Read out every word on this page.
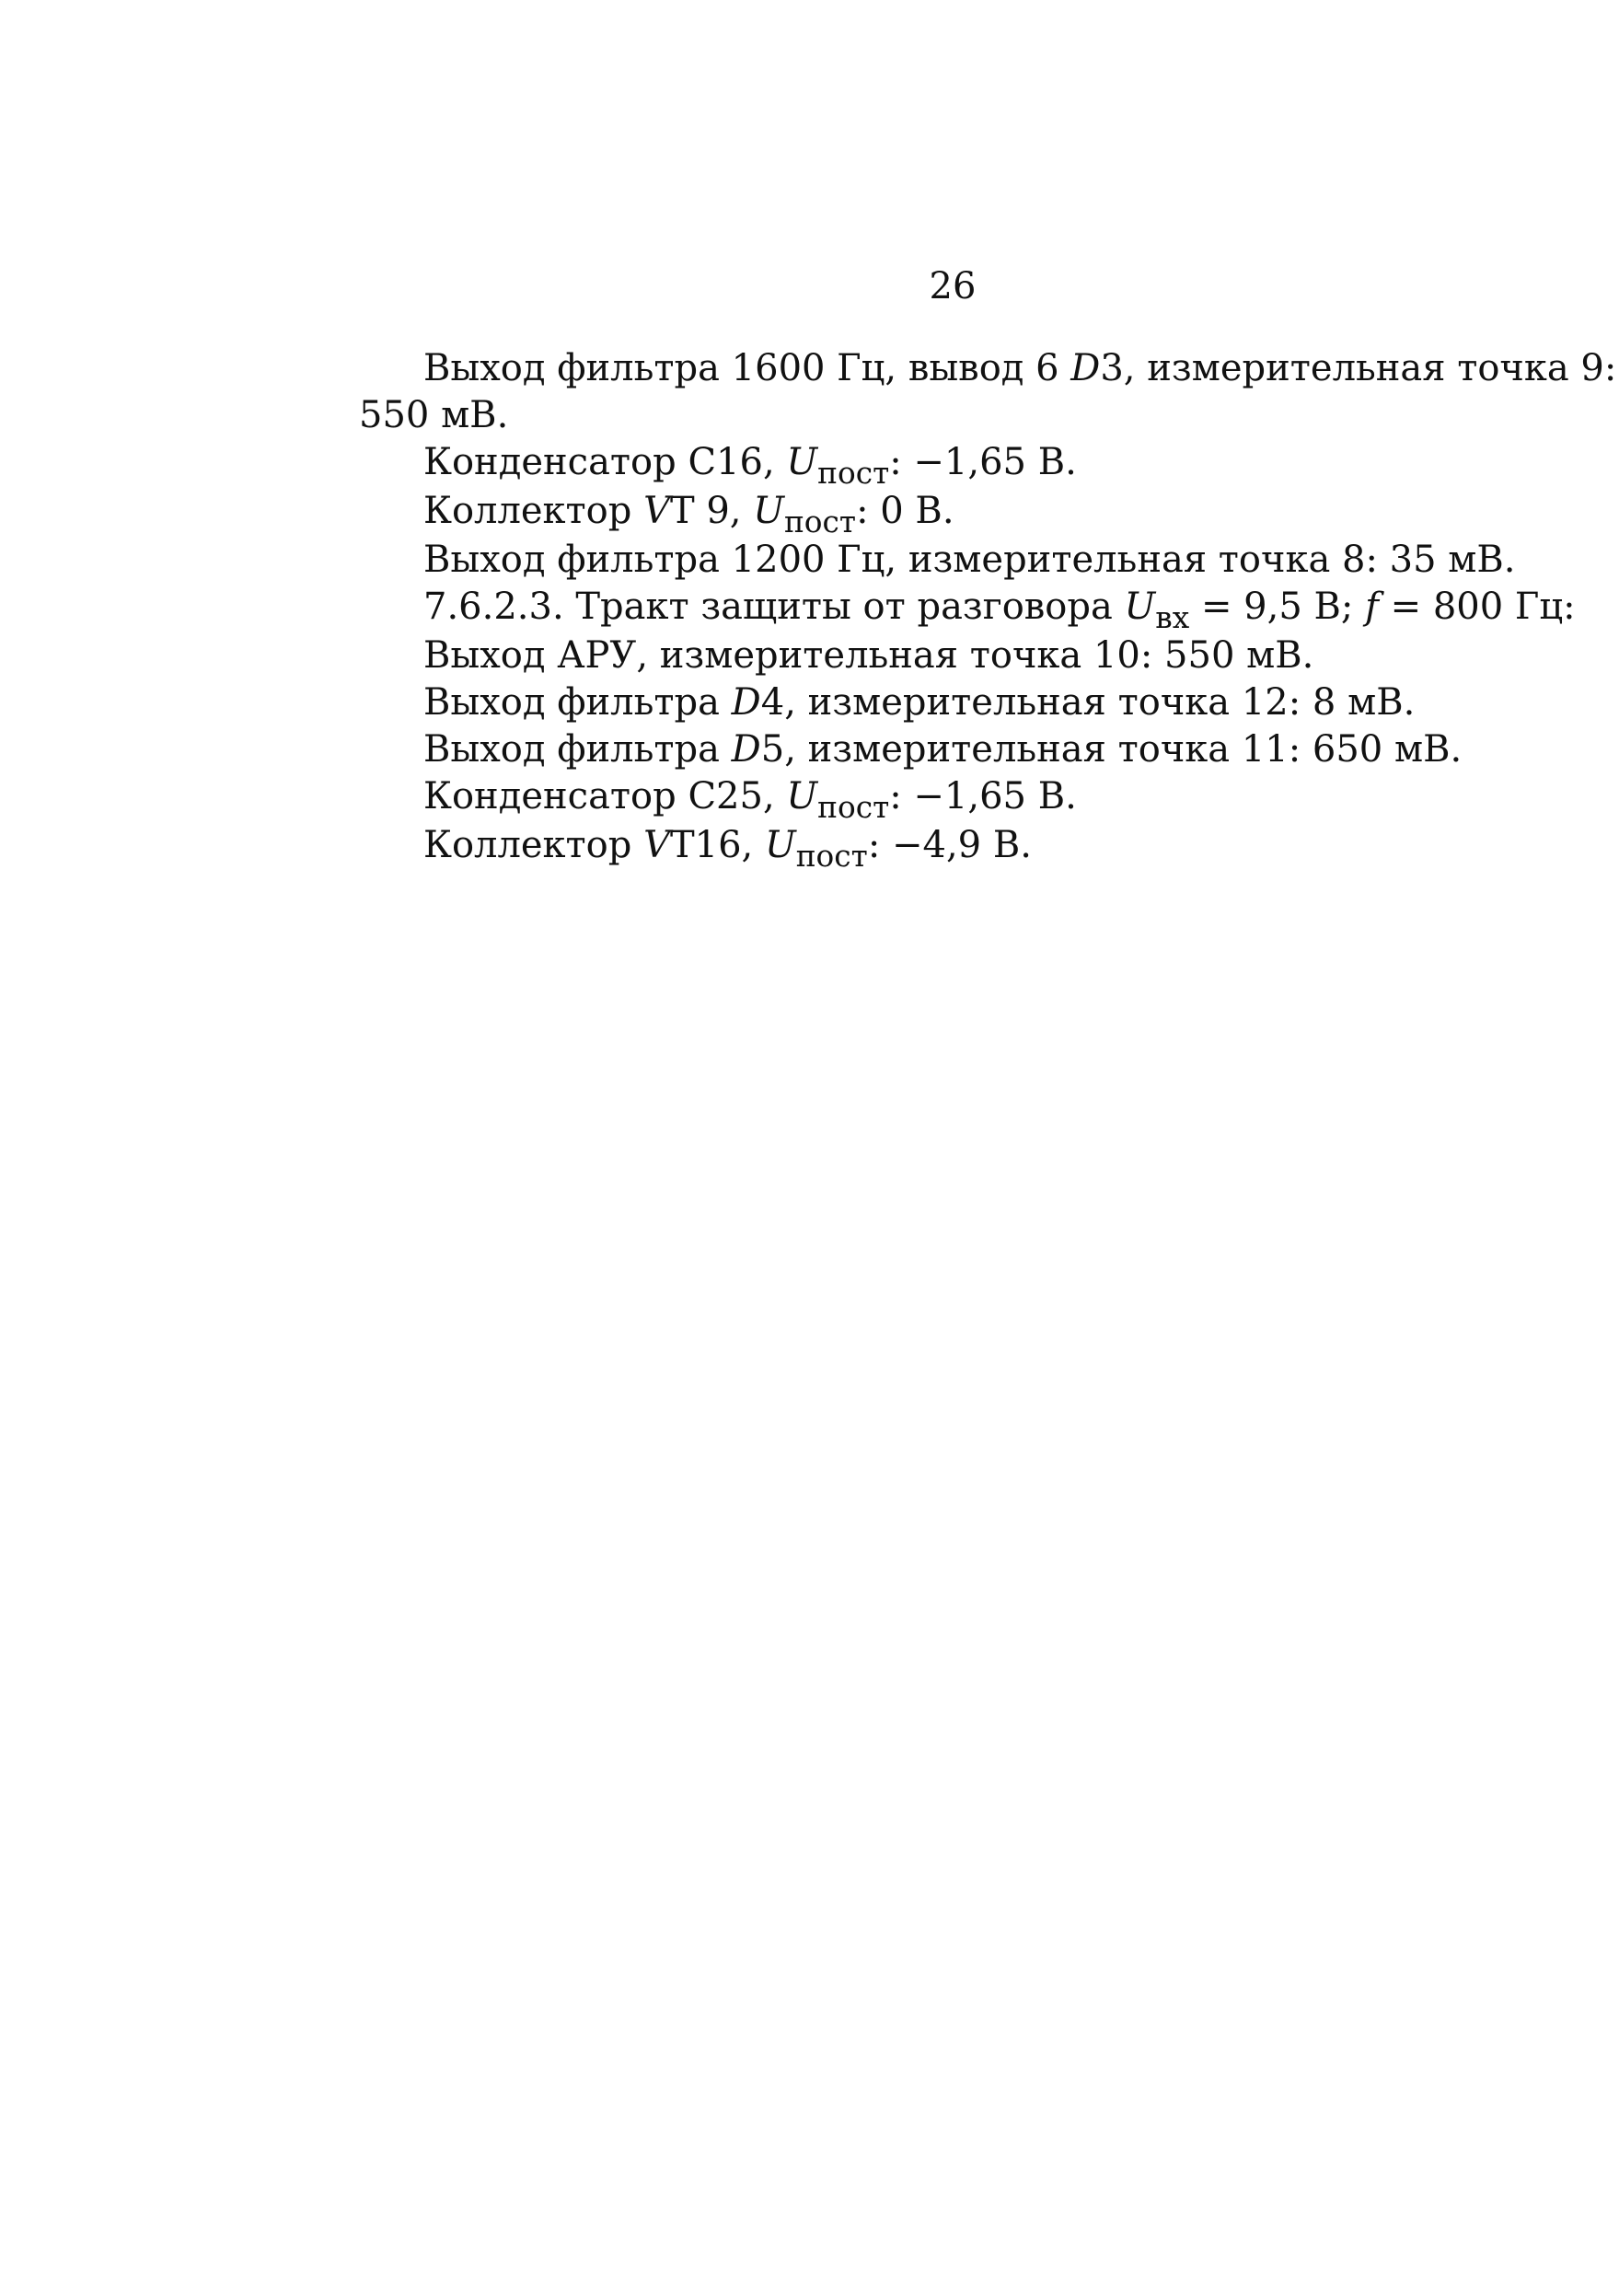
26

Выход фильтра 1600 Гц, вывод 6 D3, измерительная точка 9:

550 мВ.

Конденсатор С16, $U_{пост}$: −1,65 В.

Коллектор VT 9, $U_{пост}$: 0 В.

Выход фильтра 1200 Гц, измерительная точка 8: 35 мВ.

7.6.2.3. Тракт защиты от разговора $U_{вх} = 9,5$ В; f = 800 Гц:

Выход АРУ, измерительная точка 10: 550 мВ.

Выход фильтра D4, измерительная точка 12: 8 мВ.

Выход фильтра D5, измерительная точка 11: 650 мВ.

Конденсатор С25, $U_{пост}$: −1,65 В.

Коллектор VT16, $U_{пост}$: −4,9 В.
